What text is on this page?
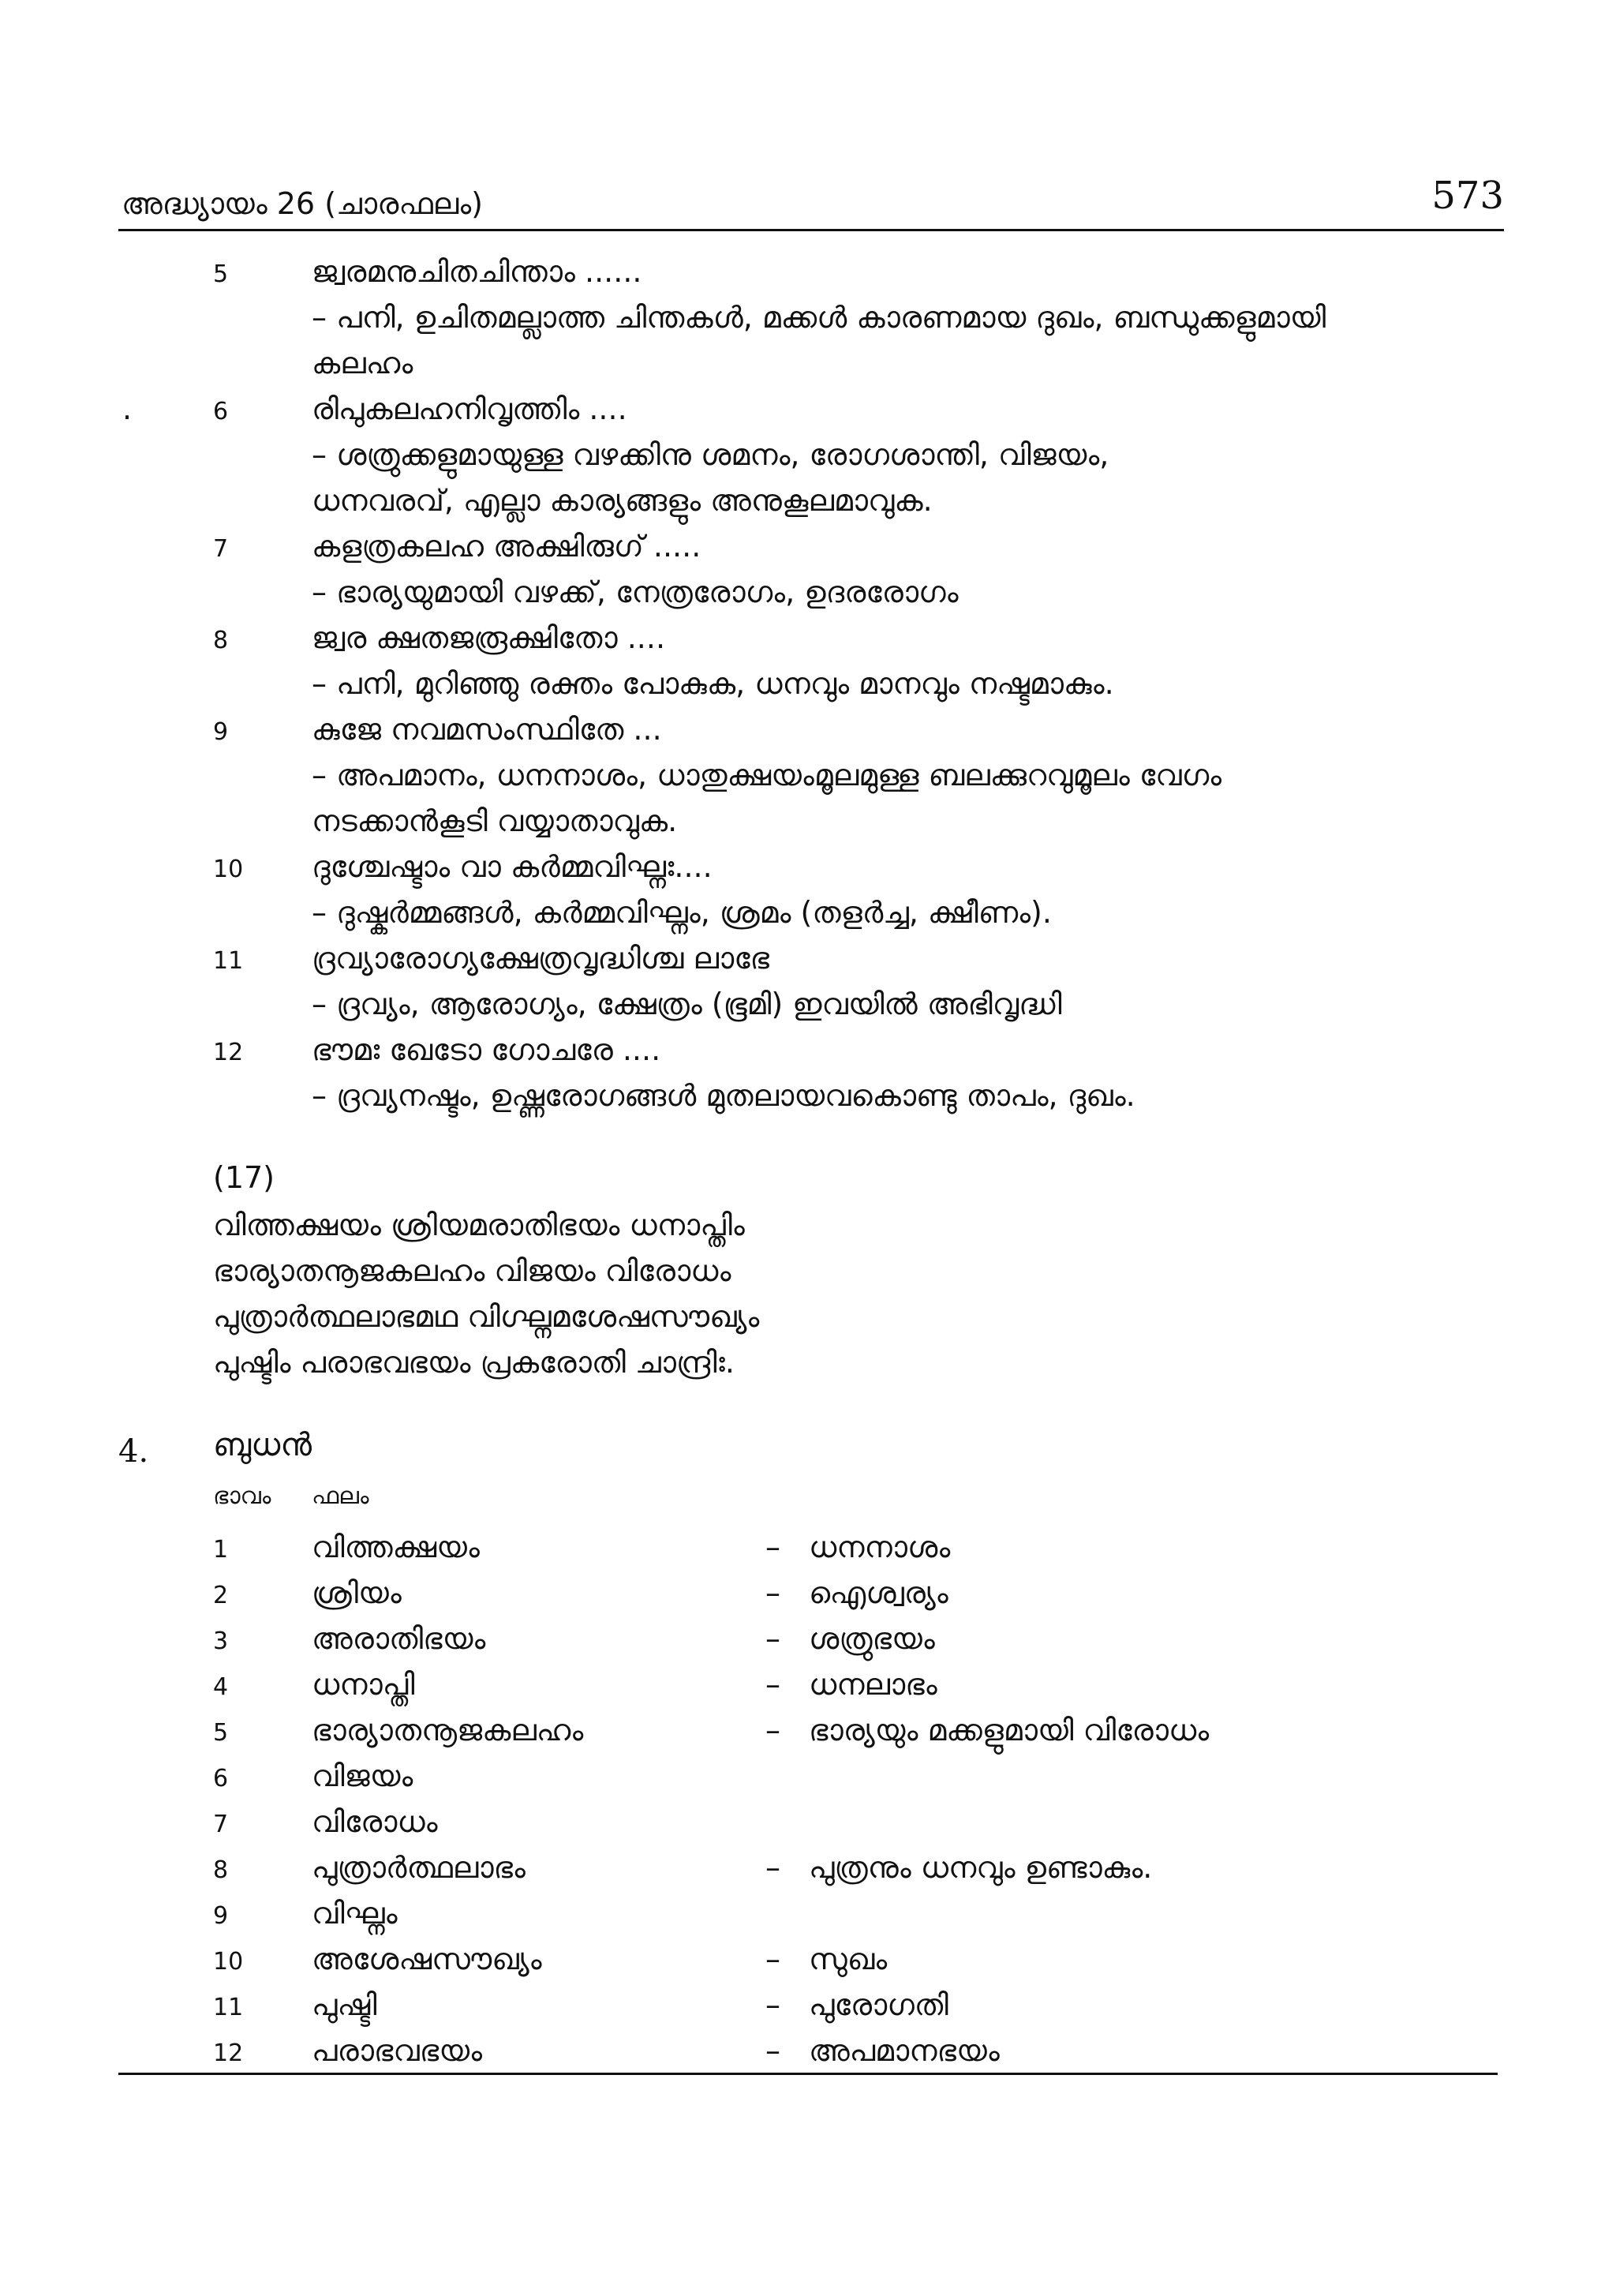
അദ്ധ്യായം 26 (ചാരഫലം)	573
.
5	ജ്വരമനുചിതചിന്താം ......
– പനി, ഉചിതമല്ലാത്ത ചിന്തകൾ, മക്കൾ കാരണമായ ദുഖം, ബന്ധുക്കളുമായി
കലഹം
6	രിപുകലഹനിവൃത്തിം ....
– ശത്രുക്കളുമായുള്ള വഴക്കിനു ശമനം, രോഗശാന്തി, വിജയം,
ധനവരവ്, എല്ലാ കാര്യങ്ങളും അനുകൂലമാവുക.
7	കളത്രകലഹ അക്ഷിരുഗ് .....
– ഭാര്യയുമായി വഴക്ക്, നേത്രരോഗം, ഉദരരോഗം
8	ജ്വര ക്ഷതജരൂക്ഷിതോ ....
– പനി, മുറിഞ്ഞു രക്തം പോകുക, ധനവും മാനവും നഷ്ടമാകും.
9	കുജേ നവമസംസ്ഥിതേ ...
– അപമാനം, ധനനാശം, ധാതുക്ഷയംമൂലമുള്ള ബലക്കുറവുമൂലം വേഗം
നടക്കാൻകൂടി വയ്യാതാവുക.
10 ദുശ്ചേഷ്ടാം വാ കർമ്മവിഘ്നഃ....
– ദുഷ്കർമ്മങ്ങൾ, കർമ്മവിഘ്നം, ശ്രമം (തളർച്ച, ക്ഷീണം).
11 ദ്രവ്യാരോഗ്യക്ഷേത്രവൃദ്ധിശ്ച ലാഭേ
– ദ്രവ്യം, ആരോഗ്യം, ക്ഷേത്രം (ഭൂമി) ഇവയിൽ അഭിവൃദ്ധി
12 ഭൗമഃ ഖേടോ ഗോചരേ ....
– ദ്രവ്യനഷ്ടം, ഉഷ്ണരോഗങ്ങൾ മുതലായവകൊണ്ടു താപം, ദുഖം.
(17)
വിത്തക്ഷയം ശ്രിയമരാതിഭയം ധനാപ്തിം
ഭാര്യാതനൂജകലഹം വിജയം വിരോധം
പുത്രാർത്ഥലാഭമഥ വിഗ്ഘ്നമശേഷസൗഖ്യം
പുഷ്ടിം പരാഭവഭയം പ്രകരോതി ചാന്ദ്രിഃ.
4. ബുധൻ
ഭാവം ഫലം
1	വിത്തക്ഷയം	– ധനനാശം
2	ശ്രിയം	– ഐശ്വര്യം
3	അരാതിഭയം	– ശത്രുഭയം
4	ധനാപ്തി	– ധനലാഭം
5	ഭാര്യാതനൂജകലഹം	– ഭാര്യയും മക്കളുമായി വിരോധം
6	വിജയം
7	വിരോധം
8	പുത്രാർത്ഥലാഭം	– പുത്രനും ധനവും ഉണ്ടാകും.
9	വിഘ്നം
10 അശേഷസൗഖ്യം	– സുഖം
11 പുഷ്ടി	– പുരോഗതി
12 പരാഭവഭയം	– അപമാനഭയം
